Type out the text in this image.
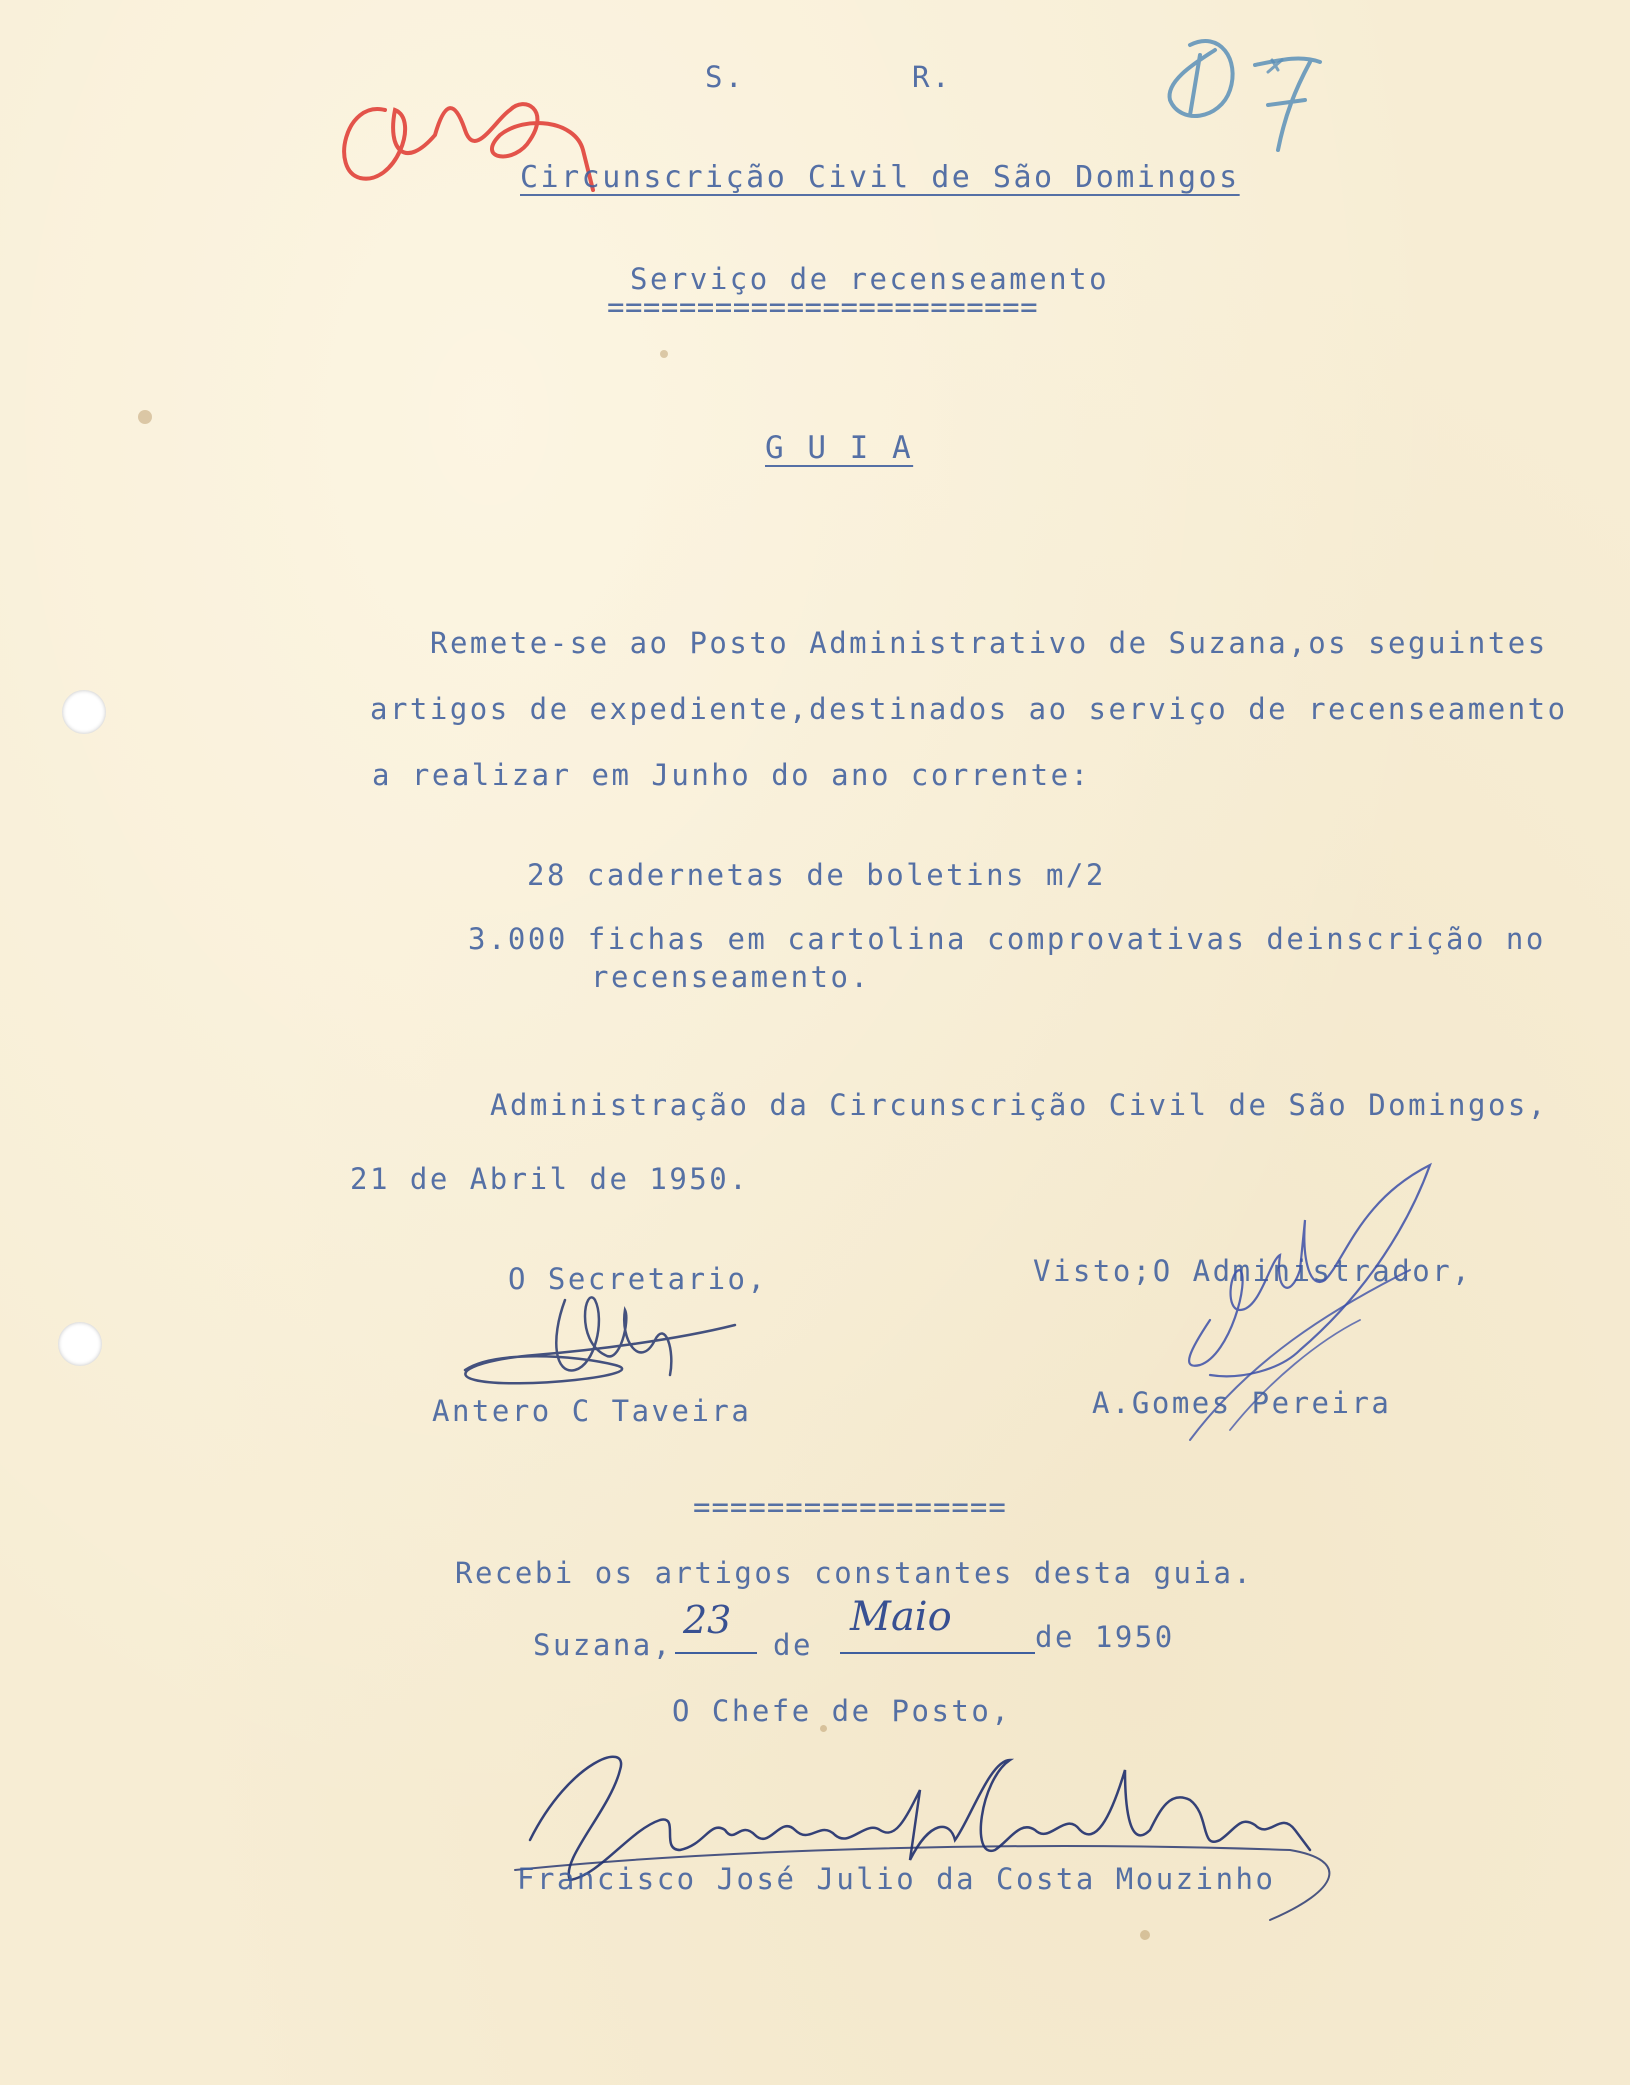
S.	R.
Circunscrição Civil de São Domingos
Serviço de recenseamento
========================
G U I A
Remete-se ao Posto Administrativo de Suzana,os seguintes
artigos de expediente,destinados ao serviço de recenseamento
a realizar em Junho do ano corrente:
28 cadernetas de boletins m/2
3.000 fichas em cartolina comprovativas deinscrição no
recenseamento.
Administração da Circunscrição Civil de São Domingos,
21 de Abril de 1950.
O Secretario,
Antero C Taveira
Visto;O Administrador,
A.Gomes Pereira
=================
Recebi os artigos constantes desta guia.
Suzana,
23
de
Maio	de 1950
O Chefe de Posto,
Francisco José Julio da Costa Mouzinho
